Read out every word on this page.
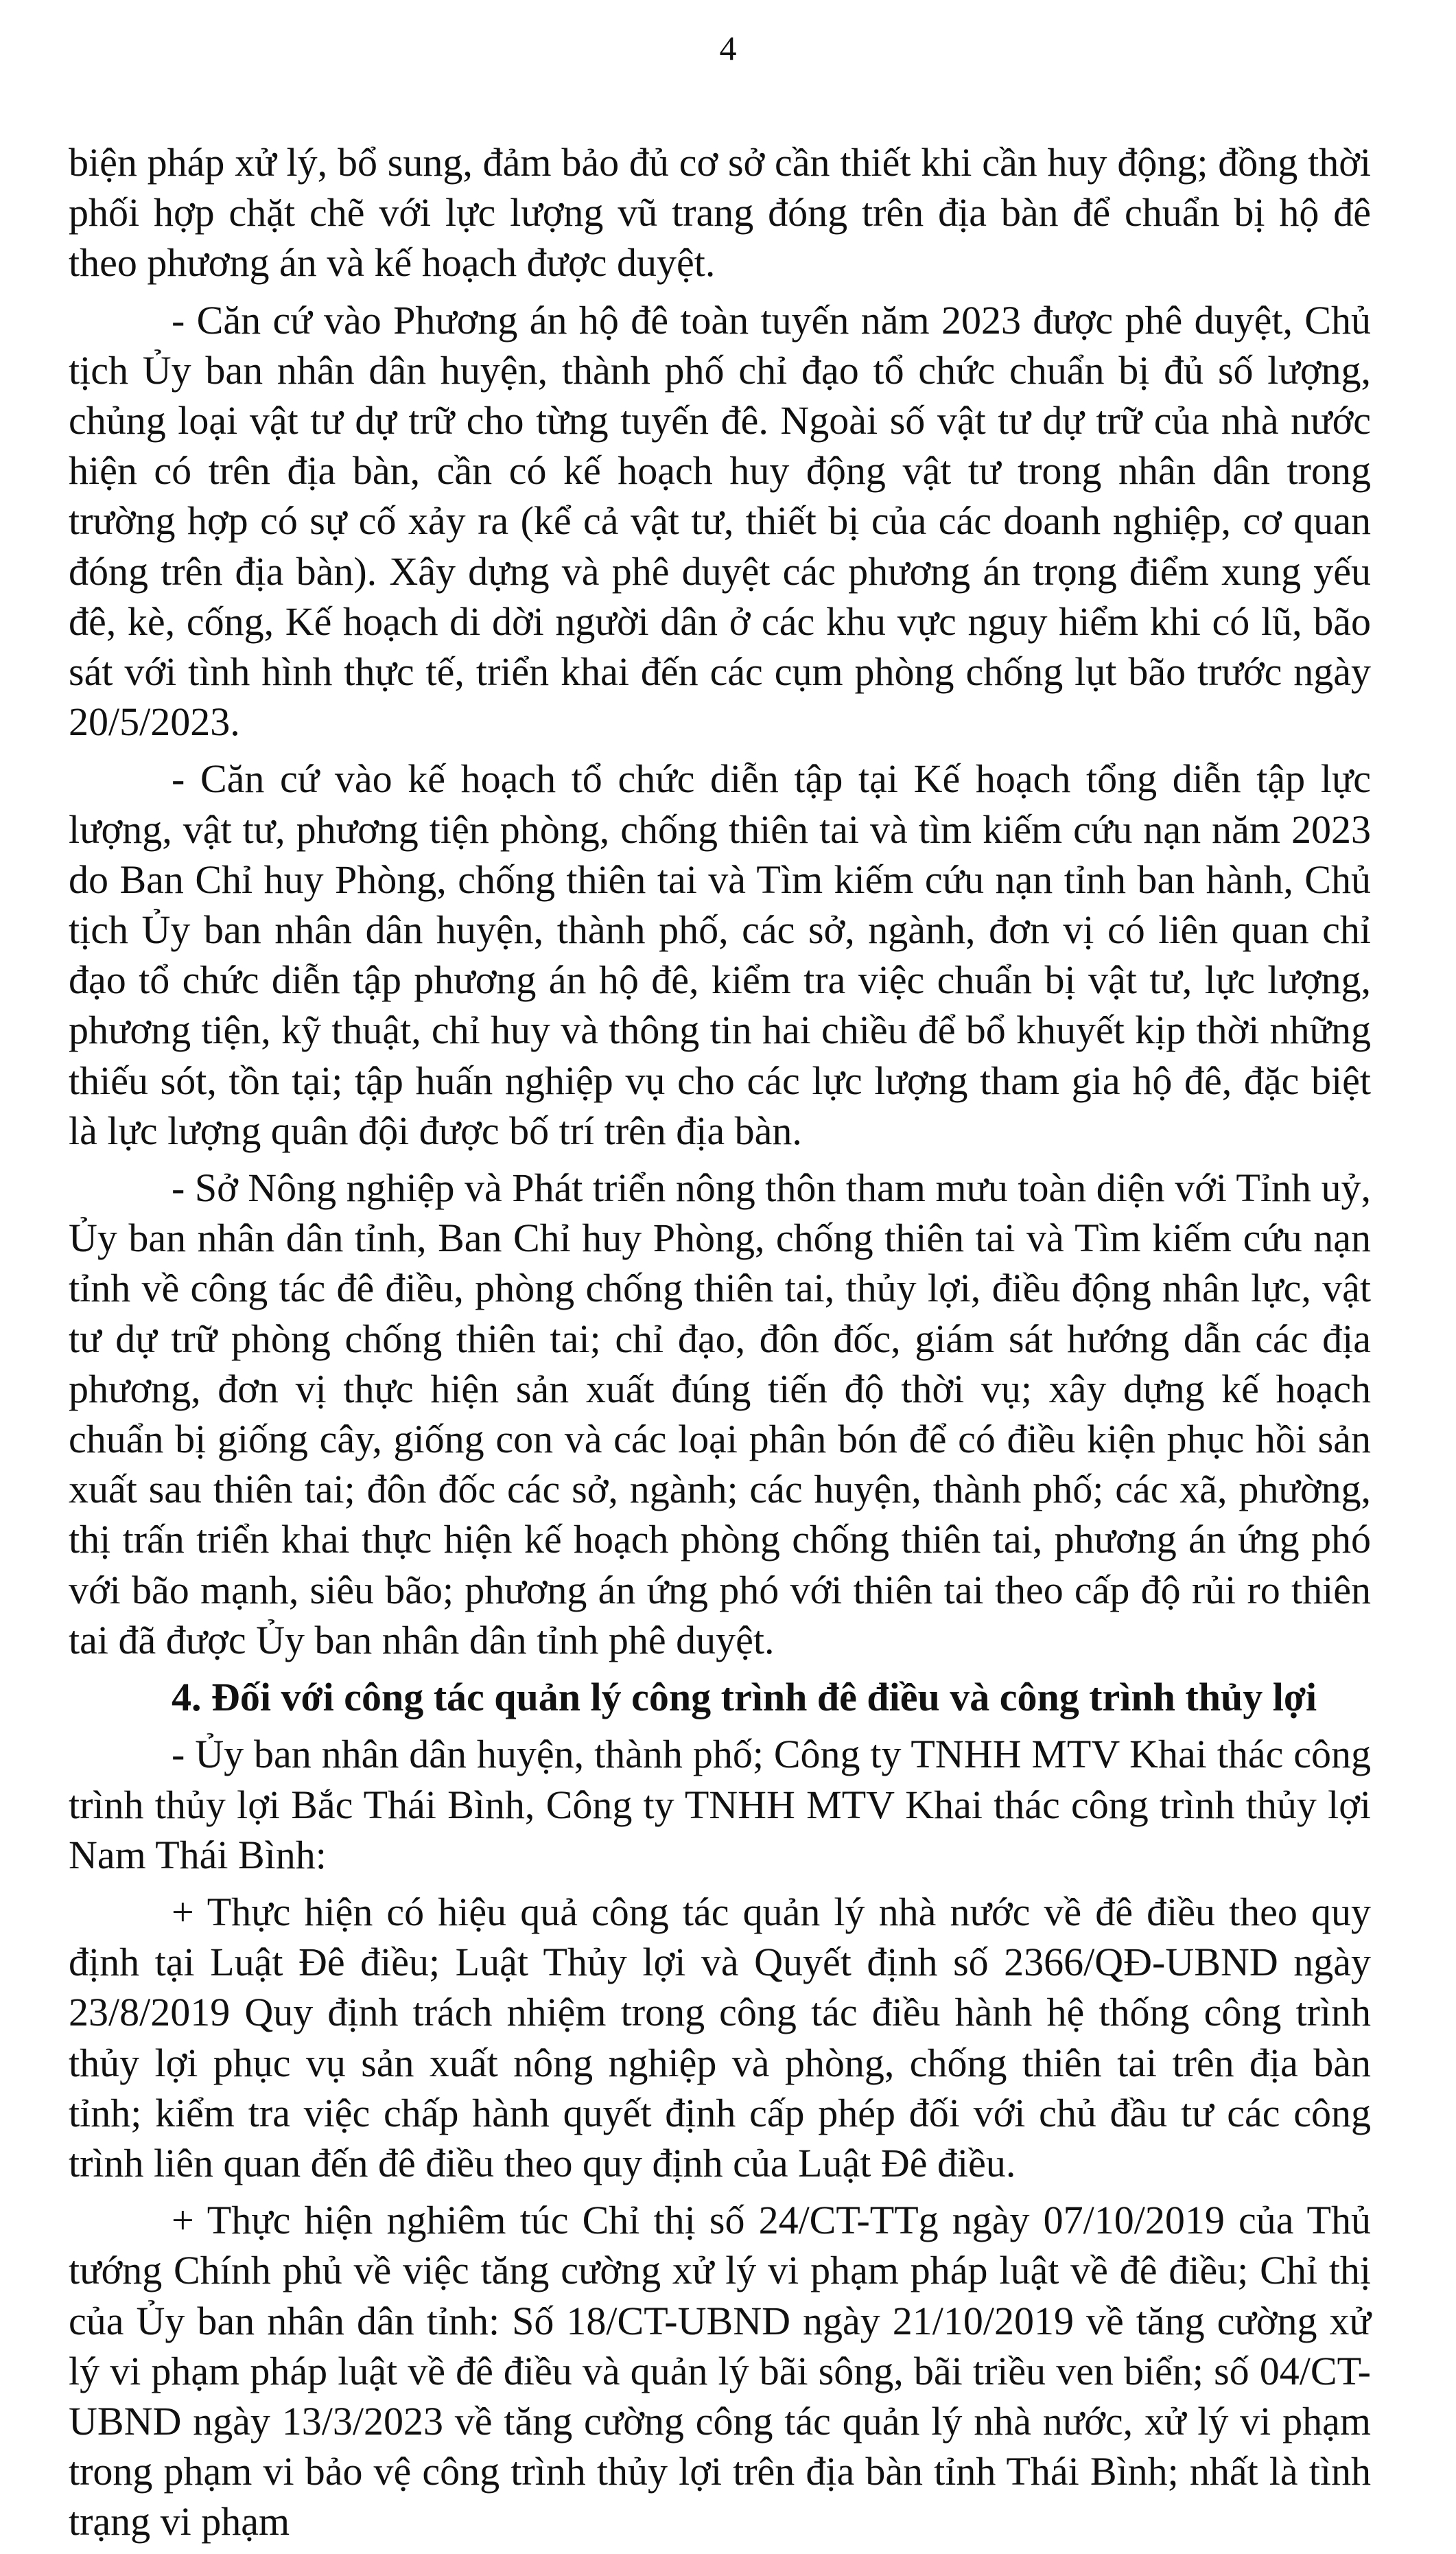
4

biện pháp xử lý, bổ sung, đảm bảo đủ cơ sở cần thiết khi cần huy động; đồng thời phối hợp chặt chẽ với lực lượng vũ trang đóng trên địa bàn để chuẩn bị hộ đê theo phương án và kế hoạch được duyệt.

- Căn cứ vào Phương án hộ đê toàn tuyến năm 2023 được phê duyệt, Chủ tịch Ủy ban nhân dân huyện, thành phố chỉ đạo tổ chức chuẩn bị đủ số lượng, chủng loại vật tư dự trữ cho từng tuyến đê. Ngoài số vật tư dự trữ của nhà nước hiện có trên địa bàn, cần có kế hoạch huy động vật tư trong nhân dân trong trường hợp có sự cố xảy ra (kể cả vật tư, thiết bị của các doanh nghiệp, cơ quan đóng trên địa bàn). Xây dựng và phê duyệt các phương án trọng điểm xung yếu đê, kè, cống, Kế hoạch di dời người dân ở các khu vực nguy hiểm khi có lũ, bão sát với tình hình thực tế, triển khai đến các cụm phòng chống lụt bão trước ngày 20/5/2023.

- Căn cứ vào kế hoạch tổ chức diễn tập tại Kế hoạch tổng diễn tập lực lượng, vật tư, phương tiện phòng, chống thiên tai và tìm kiếm cứu nạn năm 2023 do Ban Chỉ huy Phòng, chống thiên tai và Tìm kiếm cứu nạn tỉnh ban hành, Chủ tịch Ủy ban nhân dân huyện, thành phố, các sở, ngành, đơn vị có liên quan chỉ đạo tổ chức diễn tập phương án hộ đê, kiểm tra việc chuẩn bị vật tư, lực lượng, phương tiện, kỹ thuật, chỉ huy và thông tin hai chiều để bổ khuyết kịp thời những thiếu sót, tồn tại; tập huấn nghiệp vụ cho các lực lượng tham gia hộ đê, đặc biệt là lực lượng quân đội được bố trí trên địa bàn.

- Sở Nông nghiệp và Phát triển nông thôn tham mưu toàn diện với Tỉnh uỷ, Ủy ban nhân dân tỉnh, Ban Chỉ huy Phòng, chống thiên tai và Tìm kiếm cứu nạn tỉnh về công tác đê điều, phòng chống thiên tai, thủy lợi, điều động nhân lực, vật tư dự trữ phòng chống thiên tai; chỉ đạo, đôn đốc, giám sát hướng dẫn các địa phương, đơn vị thực hiện sản xuất đúng tiến độ thời vụ; xây dựng kế hoạch chuẩn bị giống cây, giống con và các loại phân bón để có điều kiện phục hồi sản xuất sau thiên tai; đôn đốc các sở, ngành; các huyện, thành phố; các xã, phường, thị trấn triển khai thực hiện kế hoạch phòng chống thiên tai, phương án ứng phó với bão mạnh, siêu bão; phương án ứng phó với thiên tai theo cấp độ rủi ro thiên tai đã được Ủy ban nhân dân tỉnh phê duyệt.

4. Đối với công tác quản lý công trình đê điều và công trình thủy lợi

- Ủy ban nhân dân huyện, thành phố; Công ty TNHH MTV Khai thác công trình thủy lợi Bắc Thái Bình, Công ty TNHH MTV Khai thác công trình thủy lợi Nam Thái Bình:

+ Thực hiện có hiệu quả công tác quản lý nhà nước về đê điều theo quy định tại Luật Đê điều; Luật Thủy lợi và Quyết định số 2366/QĐ-UBND ngày 23/8/2019 Quy định trách nhiệm trong công tác điều hành hệ thống công trình thủy lợi phục vụ sản xuất nông nghiệp và phòng, chống thiên tai trên địa bàn tỉnh; kiểm tra việc chấp hành quyết định cấp phép đối với chủ đầu tư các công trình liên quan đến đê điều theo quy định của Luật Đê điều.

+ Thực hiện nghiêm túc Chỉ thị số 24/CT-TTg ngày 07/10/2019 của Thủ tướng Chính phủ về việc tăng cường xử lý vi phạm pháp luật về đê điều; Chỉ thị của Ủy ban nhân dân tỉnh: Số 18/CT-UBND ngày 21/10/2019 về tăng cường xử lý vi phạm pháp luật về đê điều và quản lý bãi sông, bãi triều ven biển; số 04/CT-UBND ngày 13/3/2023 về tăng cường công tác quản lý nhà nước, xử lý vi phạm trong phạm vi bảo vệ công trình thủy lợi trên địa bàn tỉnh Thái Bình; nhất là tình trạng vi phạm
